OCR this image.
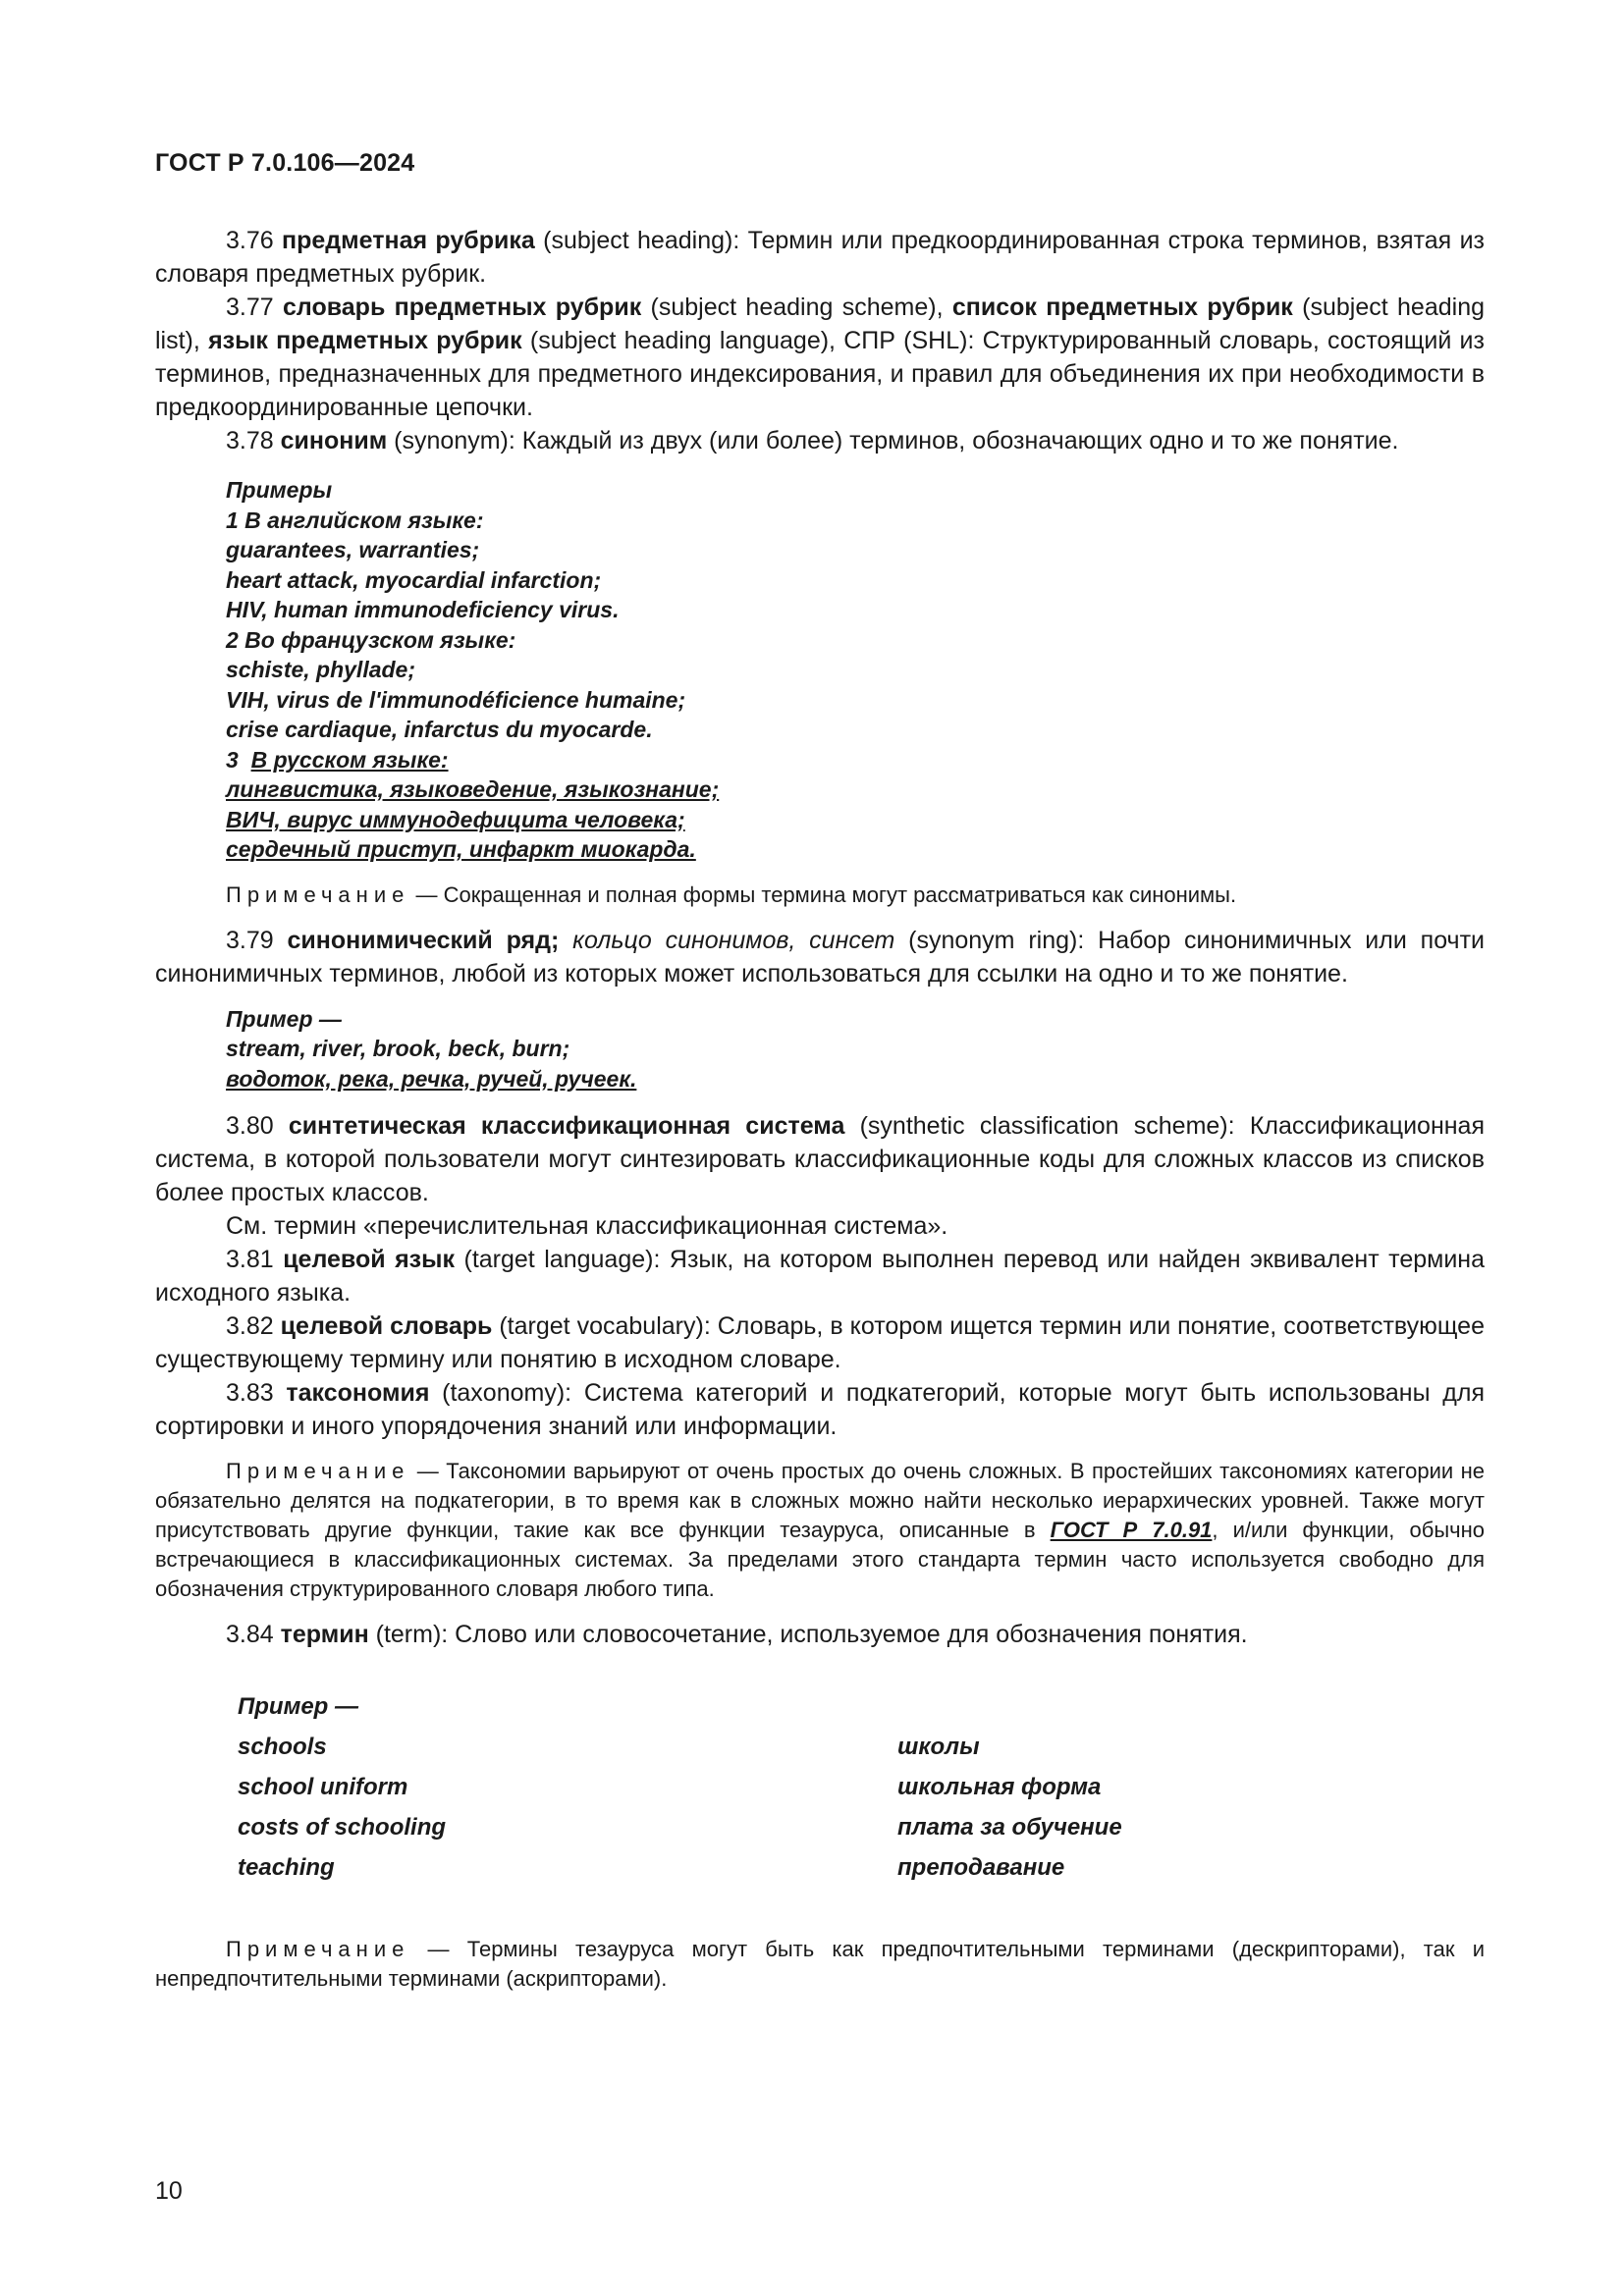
ГОСТ Р 7.0.106—2024

3.76 предметная рубрика (subject heading): Термин или предкоординированная строка терминов, взятая из словаря предметных рубрик.

3.77 словарь предметных рубрик (subject heading scheme), список предметных рубрик (subject heading list), язык предметных рубрик (subject heading language), СПР (SHL): Структурированный словарь, состоящий из терминов, предназначенных для предметного индексирования, и правил для объединения их при необходимости в предкоординированные цепочки.

3.78 синоним (synonym): Каждый из двух (или более) терминов, обозначающих одно и то же понятие.

Примеры
1 В английском языке:
guarantees, warranties;
heart attack, myocardial infarction;
HIV, human immunodeficiency virus.
2 Во французском языке:
schiste, phyllade;
VIH, virus de l'immunodéficience humaine;
crise cardiaque, infarctus du myocarde.
3  В русском языке:
лингвистика, языковедение, языкознание;
ВИЧ, вирус иммунодефицита человека;
сердечный приступ, инфаркт миокарда.

Примечание — Сокращенная и полная формы термина могут рассматриваться как синонимы.

3.79 синонимический ряд; кольцо синонимов, синсет (synonym ring): Набор синонимичных или почти синонимичных терминов, любой из которых может использоваться для ссылки на одно и то же понятие.

Пример —
stream, river, brook, beck, burn;
водоток, река, речка, ручей, ручеек.

3.80 синтетическая классификационная система (synthetic classification scheme): Классификационная система, в которой пользователи могут синтезировать классификационные коды для сложных классов из списков более простых классов.

См. термин «перечислительная классификационная система».

3.81 целевой язык (target language): Язык, на котором выполнен перевод или найден эквивалент термина исходного языка.

3.82 целевой словарь (target vocabulary): Словарь, в котором ищется термин или понятие, соответствующее существующему термину или понятию в исходном словаре.

3.83 таксономия (taxonomy): Система категорий и подкатегорий, которые могут быть использованы для сортировки и иного упорядочения знаний или информации.

Примечание — Таксономии варьируют от очень простых до очень сложных. В простейших таксономиях категории не обязательно делятся на подкатегории, в то время как в сложных можно найти несколько иерархических уровней. Также могут присутствовать другие функции, такие как все функции тезауруса, описанные в ГОСТ Р 7.0.91, и/или функции, обычно встречающиеся в классификационных системах. За пределами этого стандарта термин часто используется свободно для обозначения структурированного словаря любого типа.

3.84 термин (term): Слово или словосочетание, используемое для обозначения понятия.

Пример —
schools	школы
school uniform	школьная форма
costs of schooling	плата за обучение
teaching	преподавание

Примечание — Термины тезауруса могут быть как предпочтительными терминами (дескрипторами), так и непредпочтительными терминами (аскрипторами).

10
